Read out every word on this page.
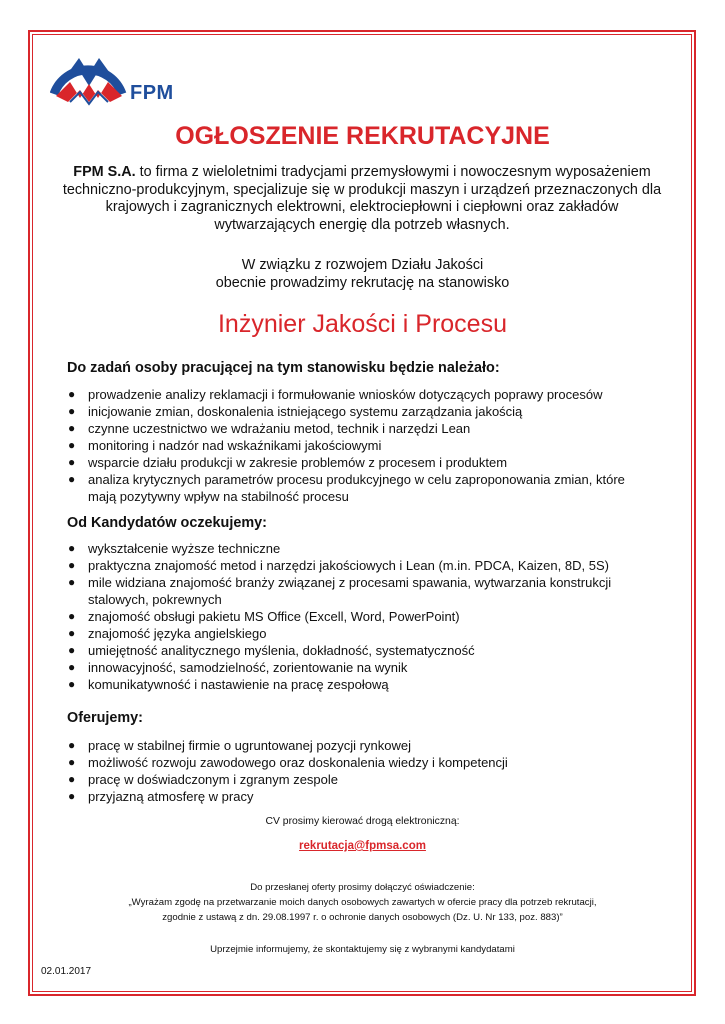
FPM
OGŁOSZENIE REKRUTACYJNE
FPM S.A. to firma z wieloletnimi tradycjami przemysłowymi i nowoczesnym wyposażeniem techniczno-produkcyjnym, specjalizuje się w produkcji maszyn i urządzeń przeznaczonych dla krajowych i zagranicznych elektrowni, elektrociepłowni i ciepłowni oraz zakładów wytwarzających energię dla potrzeb własnych.
W związku z rozwojem Działu Jakości
obecnie prowadzimy rekrutację na stanowisko
Inżynier Jakości i Procesu
Do zadań osoby pracującej na tym stanowisku będzie należało:
● prowadzenie analizy reklamacji i formułowanie wniosków dotyczących poprawy procesów
● inicjowanie zmian, doskonalenia istniejącego systemu zarządzania jakością
● czynne uczestnictwo we wdrażaniu metod, technik i narzędzi Lean
● monitoring i nadzór nad wskaźnikami jakościowymi
● wsparcie działu produkcji w zakresie problemów z procesem i produktem
● analiza krytycznych parametrów procesu produkcyjnego w celu zaproponowania zmian, które mają pozytywny wpływ na stabilność procesu
Od Kandydatów oczekujemy:
● wykształcenie wyższe techniczne
● praktyczna znajomość metod i narzędzi jakościowych i Lean (m.in. PDCA, Kaizen, 8D, 5S)
● mile widziana znajomość branży związanej z procesami spawania, wytwarzania konstrukcji stalowych, pokrewnych
● znajomość obsługi pakietu MS Office (Excell, Word, PowerPoint)
● znajomość języka angielskiego
● umiejętność analitycznego myślenia, dokładność, systematyczność
● innowacyjność, samodzielność, zorientowanie na wynik
● komunikatywność i nastawienie na pracę zespołową
Oferujemy:
● pracę w stabilnej firmie o ugruntowanej pozycji rynkowej
● możliwość rozwoju zawodowego oraz doskonalenia wiedzy i kompetencji
● pracę w doświadczonym i zgranym zespole
● przyjazną atmosferę w pracy
CV prosimy kierować drogą elektroniczną:
rekrutacja@fpmsa.com
Do przesłanej oferty prosimy dołączyć oświadczenie:
„Wyrażam zgodę na przetwarzanie moich danych osobowych zawartych w ofercie pracy dla potrzeb rekrutacji,
zgodnie z ustawą z dn. 29.08.1997 r. o ochronie danych osobowych (Dz. U. Nr 133, poz. 883)”
Uprzejmie informujemy, że skontaktujemy się z wybranymi kandydatami
02.01.2017
